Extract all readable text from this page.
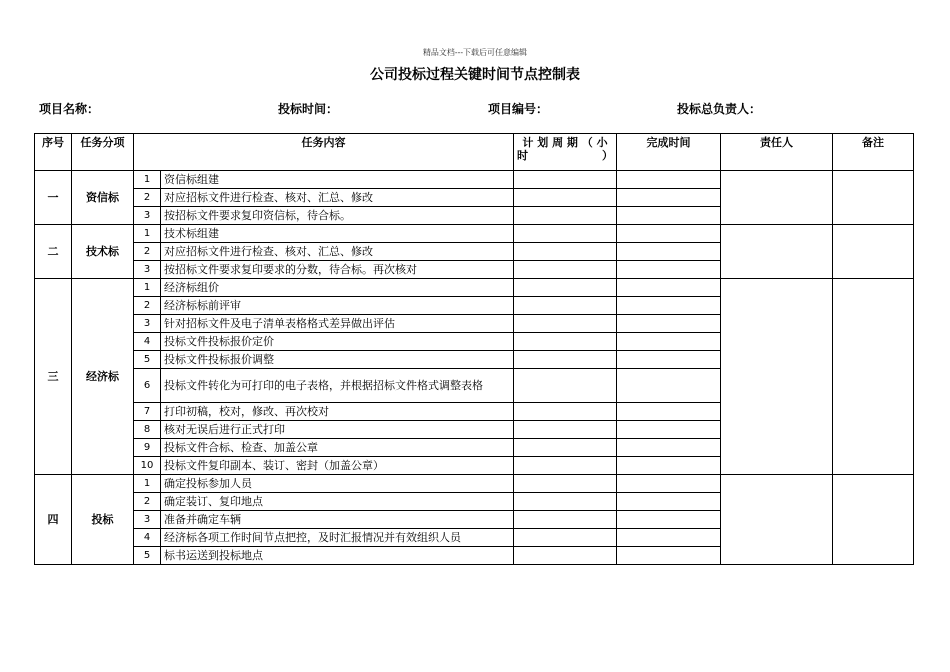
精品文档---下载后可任意编辑
公司投标过程关键时间节点控制表
项目名称：	投标时间：	项目编号：	投标总负责人：
序号	任务分项	任务内容		计 划 周 期 （ 小 时）	完成时间	责任人	备注
一	资信标	1	资信标组建				
		2	对应招标文件进行检查、核对、汇总、修改				
		3	按招标文件要求复印资信标，待合标。				
二	技术标	1	技术标组建				
		2	对应招标文件进行检查、核对、汇总、修改				
		3	按招标文件要求复印要求的分数，待合标。再次核对				
三	经济标	1	经济标组价				
		2	经济标标前评审				
		3	针对招标文件及电子清单表格格式差异做出评估				
		4	投标文件投标报价定价				
		5	投标文件投标报价调整				
		6	投标文件转化为可打印的电子表格，并根据招标文件格式调整表格				
		7	打印初稿，校对，修改、再次校对				
		8	核对无误后进行正式打印				
		9	投标文件合标、检查、加盖公章				
		10	投标文件复印副本、装订、密封（加盖公章）				
四	投标	1	确定投标参加人员				
		2	确定装订、复印地点				
		3	准备并确定车辆				
		4	经济标各项工作时间节点把控，及时汇报情况并有效组织人员				
		5	标书运送到投标地点				
